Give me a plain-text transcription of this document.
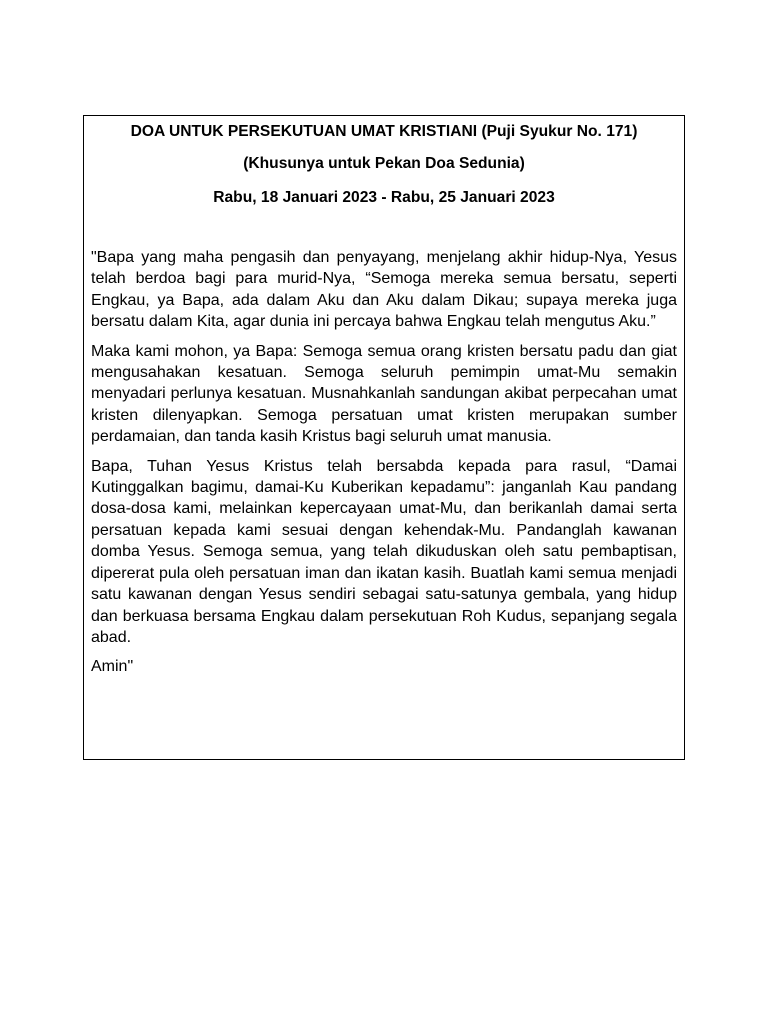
DOA UNTUK PERSEKUTUAN UMAT KRISTIANI (Puji Syukur No. 171)

(Khusunya untuk Pekan Doa Sedunia)

Rabu, 18 Januari 2023 - Rabu, 25 Januari 2023

"Bapa yang maha pengasih dan penyayang, menjelang akhir hidup-Nya, Yesus telah berdoa bagi para murid-Nya, “Semoga mereka semua bersatu, seperti Engkau, ya Bapa, ada dalam Aku dan Aku dalam Dikau; supaya mereka juga bersatu dalam Kita, agar dunia ini percaya bahwa Engkau telah mengutus Aku.”

Maka kami mohon, ya Bapa: Semoga semua orang kristen bersatu padu dan giat mengusahakan kesatuan. Semoga seluruh pemimpin umat-Mu semakin menyadari perlunya kesatuan. Musnahkanlah sandungan akibat perpecahan umat kristen dilenyapkan. Semoga persatuan umat kristen merupakan sumber perdamaian, dan tanda kasih Kristus bagi seluruh umat manusia.

Bapa, Tuhan Yesus Kristus telah bersabda kepada para rasul, “Damai Kutinggalkan bagimu, damai-Ku Kuberikan kepadamu”: janganlah Kau pandang dosa-dosa kami, melainkan kepercayaan umat-Mu, dan berikanlah damai serta persatuan kepada kami sesuai dengan kehendak-Mu. Pandanglah kawanan domba Yesus. Semoga semua, yang telah dikuduskan oleh satu pembaptisan, dipererat pula oleh persatuan iman dan ikatan kasih. Buatlah kami semua menjadi satu kawanan dengan Yesus sendiri sebagai satu-satunya gembala, yang hidup dan berkuasa bersama Engkau dalam persekutuan Roh Kudus, sepanjang segala abad.

Amin"
